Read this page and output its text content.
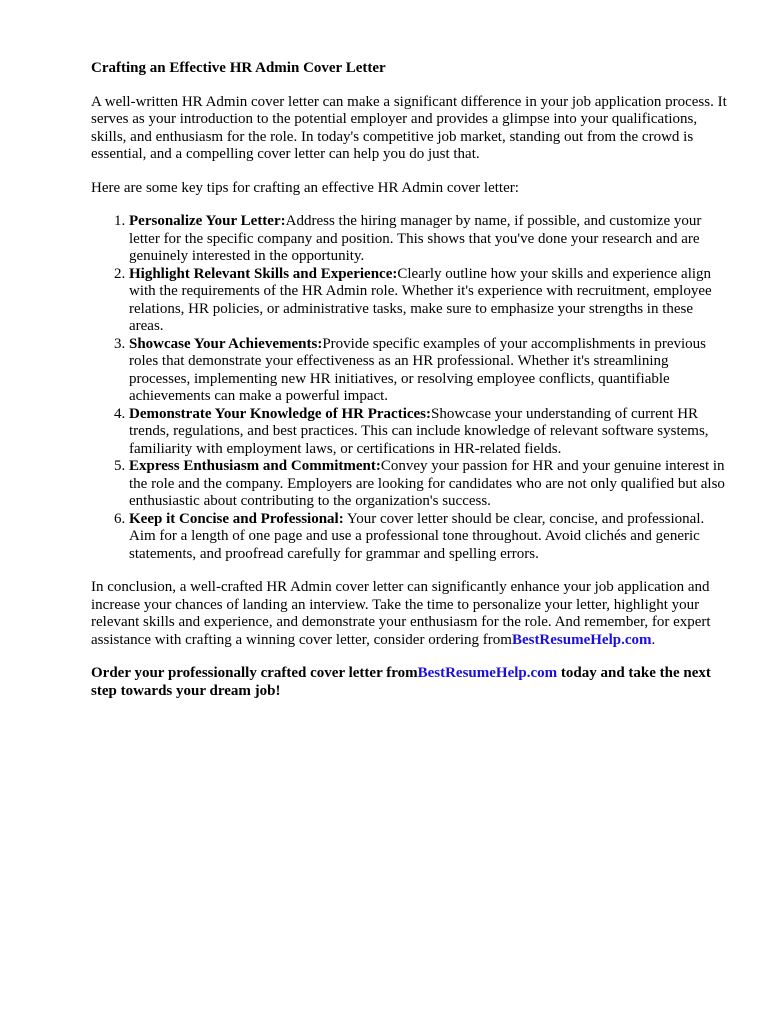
Crafting an Effective HR Admin Cover Letter

A well-written HR Admin cover letter can make a significant difference in your job application process. It serves as your introduction to the potential employer and provides a glimpse into your qualifications, skills, and enthusiasm for the role. In today's competitive job market, standing out from the crowd is essential, and a compelling cover letter can help you do just that.

Here are some key tips for crafting an effective HR Admin cover letter:

1. Personalize Your Letter:Address the hiring manager by name, if possible, and customize your letter for the specific company and position. This shows that you've done your research and are genuinely interested in the opportunity.
2. Highlight Relevant Skills and Experience:Clearly outline how your skills and experience align with the requirements of the HR Admin role. Whether it's experience with recruitment, employee relations, HR policies, or administrative tasks, make sure to emphasize your strengths in these areas.
3. Showcase Your Achievements:Provide specific examples of your accomplishments in previous roles that demonstrate your effectiveness as an HR professional. Whether it's streamlining processes, implementing new HR initiatives, or resolving employee conflicts, quantifiable achievements can make a powerful impact.
4. Demonstrate Your Knowledge of HR Practices:Showcase your understanding of current HR trends, regulations, and best practices. This can include knowledge of relevant software systems, familiarity with employment laws, or certifications in HR-related fields.
5. Express Enthusiasm and Commitment:Convey your passion for HR and your genuine interest in the role and the company. Employers are looking for candidates who are not only qualified but also enthusiastic about contributing to the organization's success.
6. Keep it Concise and Professional: Your cover letter should be clear, concise, and professional. Aim for a length of one page and use a professional tone throughout. Avoid clichés and generic statements, and proofread carefully for grammar and spelling errors.

In conclusion, a well-crafted HR Admin cover letter can significantly enhance your job application and increase your chances of landing an interview. Take the time to personalize your letter, highlight your relevant skills and experience, and demonstrate your enthusiasm for the role. And remember, for expert assistance with crafting a winning cover letter, consider ordering fromBestResumeHelp.com.

Order your professionally crafted cover letter fromBestResumeHelp.com today and take the next step towards your dream job!
